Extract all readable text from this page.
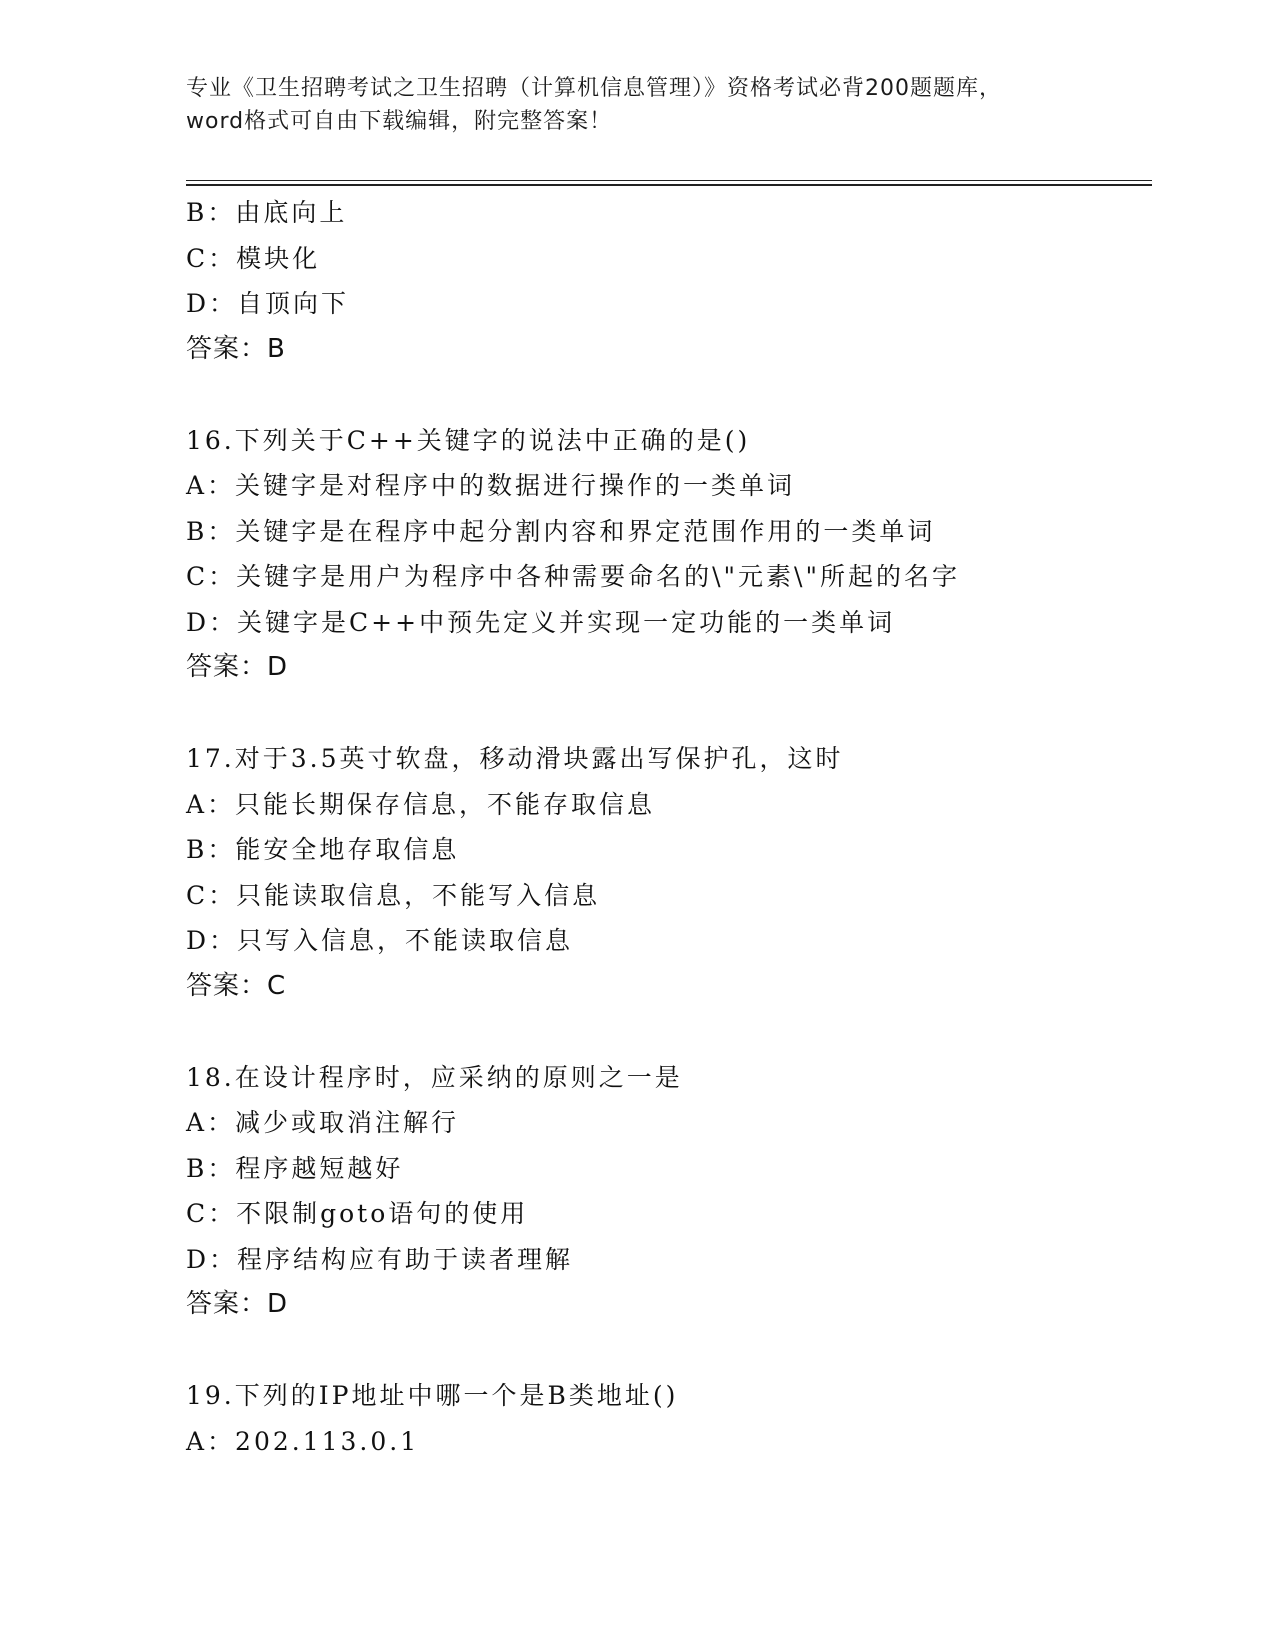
专业《卫生招聘考试之卫生招聘（计算机信息管理）》资格考试必背200题题库，
word格式可自由下载编辑，附完整答案！
B：由底向上
C：模块化
D：自顶向下
答案：B
16.下列关于C++关键字的说法中正确的是()
A：关键字是对程序中的数据进行操作的一类单词
B：关键字是在程序中起分割内容和界定范围作用的一类单词
C：关键字是用户为程序中各种需要命名的\"元素\"所起的名字
D：关键字是C++中预先定义并实现一定功能的一类单词
答案：D
17.对于3.5英寸软盘，移动滑块露出写保护孔，这时
A：只能长期保存信息，不能存取信息
B：能安全地存取信息
C：只能读取信息，不能写入信息
D：只写入信息，不能读取信息
答案：C
18.在设计程序时，应采纳的原则之一是
A：减少或取消注解行
B：程序越短越好
C：不限制goto语句的使用
D：程序结构应有助于读者理解
答案：D
19.下列的IP地址中哪一个是B类地址()
A：202.113.0.1
